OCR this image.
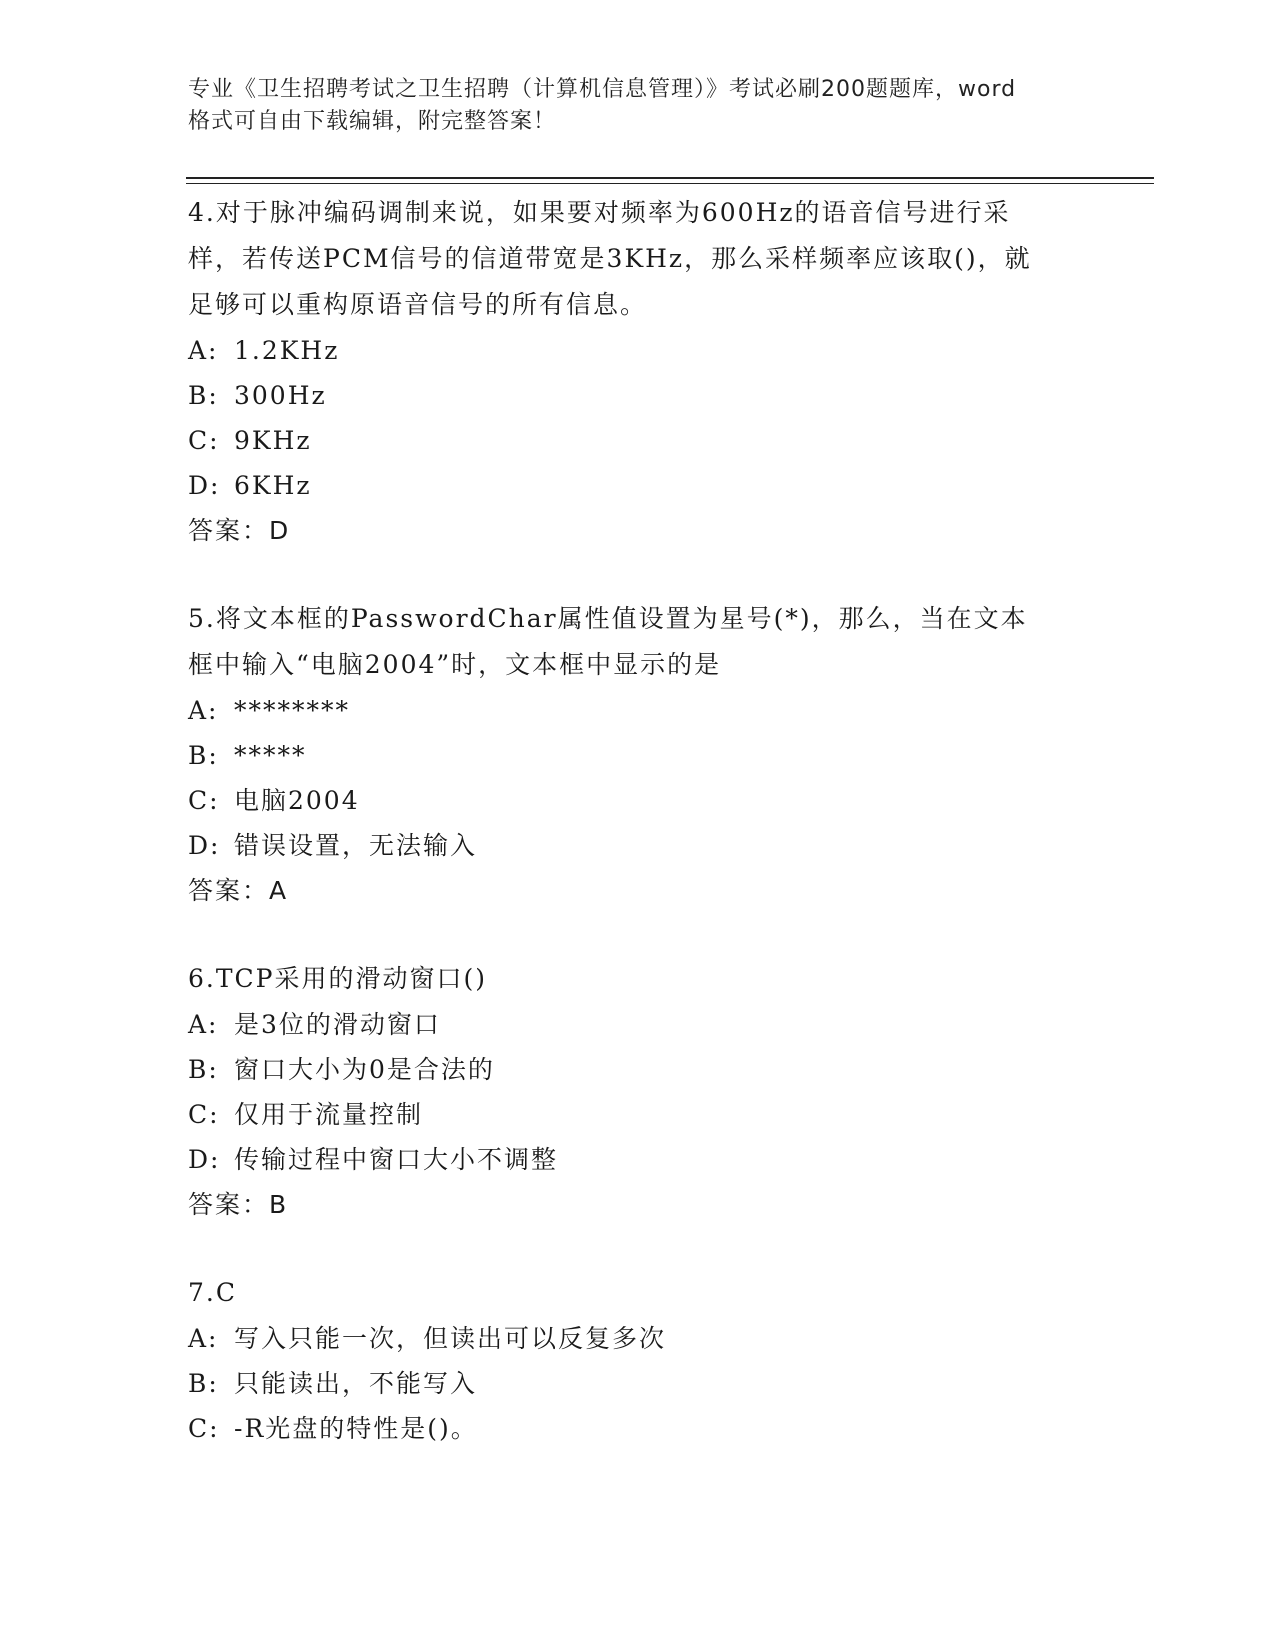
专业《卫生招聘考试之卫生招聘（计算机信息管理）》考试必刷200题题库，word
格式可自由下载编辑，附完整答案！

4.对于脉冲编码调制来说，如果要对频率为600Hz的语音信号进行采

样，若传送PCM信号的信道带宽是3KHz，那么采样频率应该取()，就

足够可以重构原语音信号的所有信息。

A: 1.2KHz

B: 300Hz

C: 9KHz

D: 6KHz

答案：D

5.将文本框的PasswordChar属性值设置为星号(*)，那么，当在文本

框中输入“电脑2004”时，文本框中显示的是

A: ********

B: *****

C: 电脑2004

D: 错误设置，无法输入

答案：A

6.TCP采用的滑动窗口()

A: 是3位的滑动窗口

B: 窗口大小为0是合法的

C: 仅用于流量控制

D: 传输过程中窗口大小不调整

答案：B

7.C

A: 写入只能一次，但读出可以反复多次

B: 只能读出，不能写入

C: -R光盘的特性是()。
